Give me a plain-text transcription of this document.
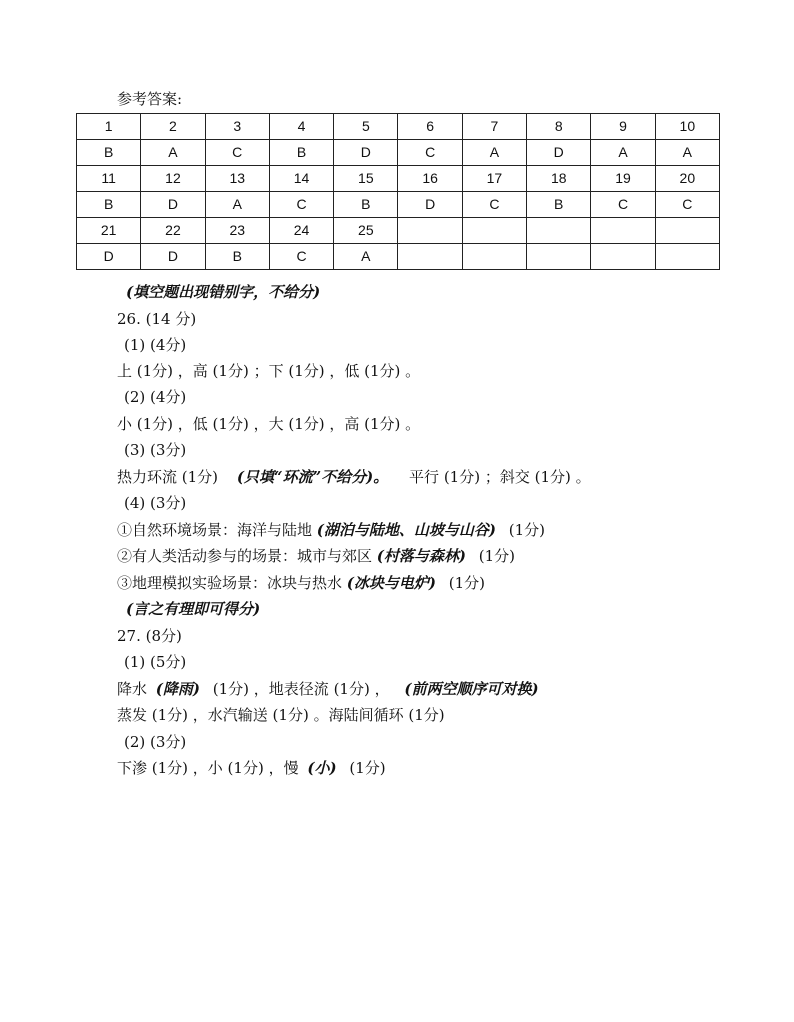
参考答案:

1	2	3	4	5	6	7	8	9	10
B	A	C	B	D	C	A	D	A	A
11	12	13	14	15	16	17	18	19	20
B	D	A	C	B	D	C	B	C	C
21	22	23	24	25					
D	D	B	C	A					

(填空题出现错别字，不给分)

26. (14 分)

(1) (4分)

上 (1分) ，高 (1分) ；下 (1分) ，低 (1分) 。

(2) (4分)

小 (1分) ，低 (1分) ，大 (1分) ，高 (1分) 。

(3) (3分)

热力环流 (1分) (只填“环流”不给分)。 平行 (1分) ；斜交 (1分) 。

(4) (3分)

①自然环境场景：海洋与陆地 (湖泊与陆地、山坡与山谷) (1分)

②有人类活动参与的场景：城市与郊区 (村落与森林) (1分)

③地理模拟实验场景：冰块与热水 (冰块与电炉) (1分)

(言之有理即可得分)

27. (8分)

(1) (5分)

降水 (降雨) (1分) ，地表径流 (1分) ， (前两空顺序可对换)

蒸发 (1分) ，水汽输送 (1分) 。海陆间循环 (1分)

(2) (3分)

下渗 (1分) ，小 (1分) ，慢 (小) (1分)
